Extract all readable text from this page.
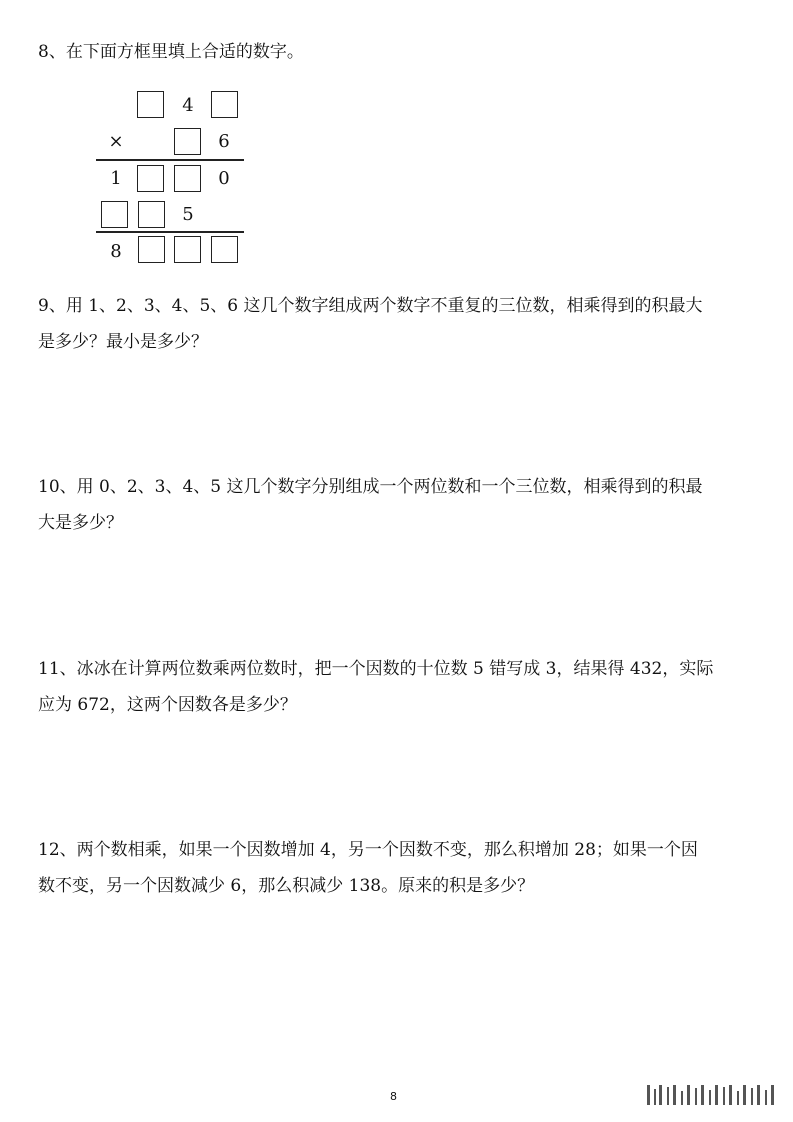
8、在下面方框里填上合适的数字。
4
×	6
1	0
5
8
9、用 1、2、3、4、5、6 这几个数字组成两个数字不重复的三位数，相乘得到的积最大
是多少？最小是多少？
10、用 0、2、3、4、5 这几个数字分别组成一个两位数和一个三位数，相乘得到的积最
大是多少？
11、冰冰在计算两位数乘两位数时，把一个因数的十位数 5 错写成 3，结果得 432，实际
应为 672，这两个因数各是多少？
12、两个数相乘，如果一个因数增加 4，另一个因数不变，那么积增加 28；如果一个因
数不变，另一个因数减少 6，那么积减少 138。原来的积是多少？
8
